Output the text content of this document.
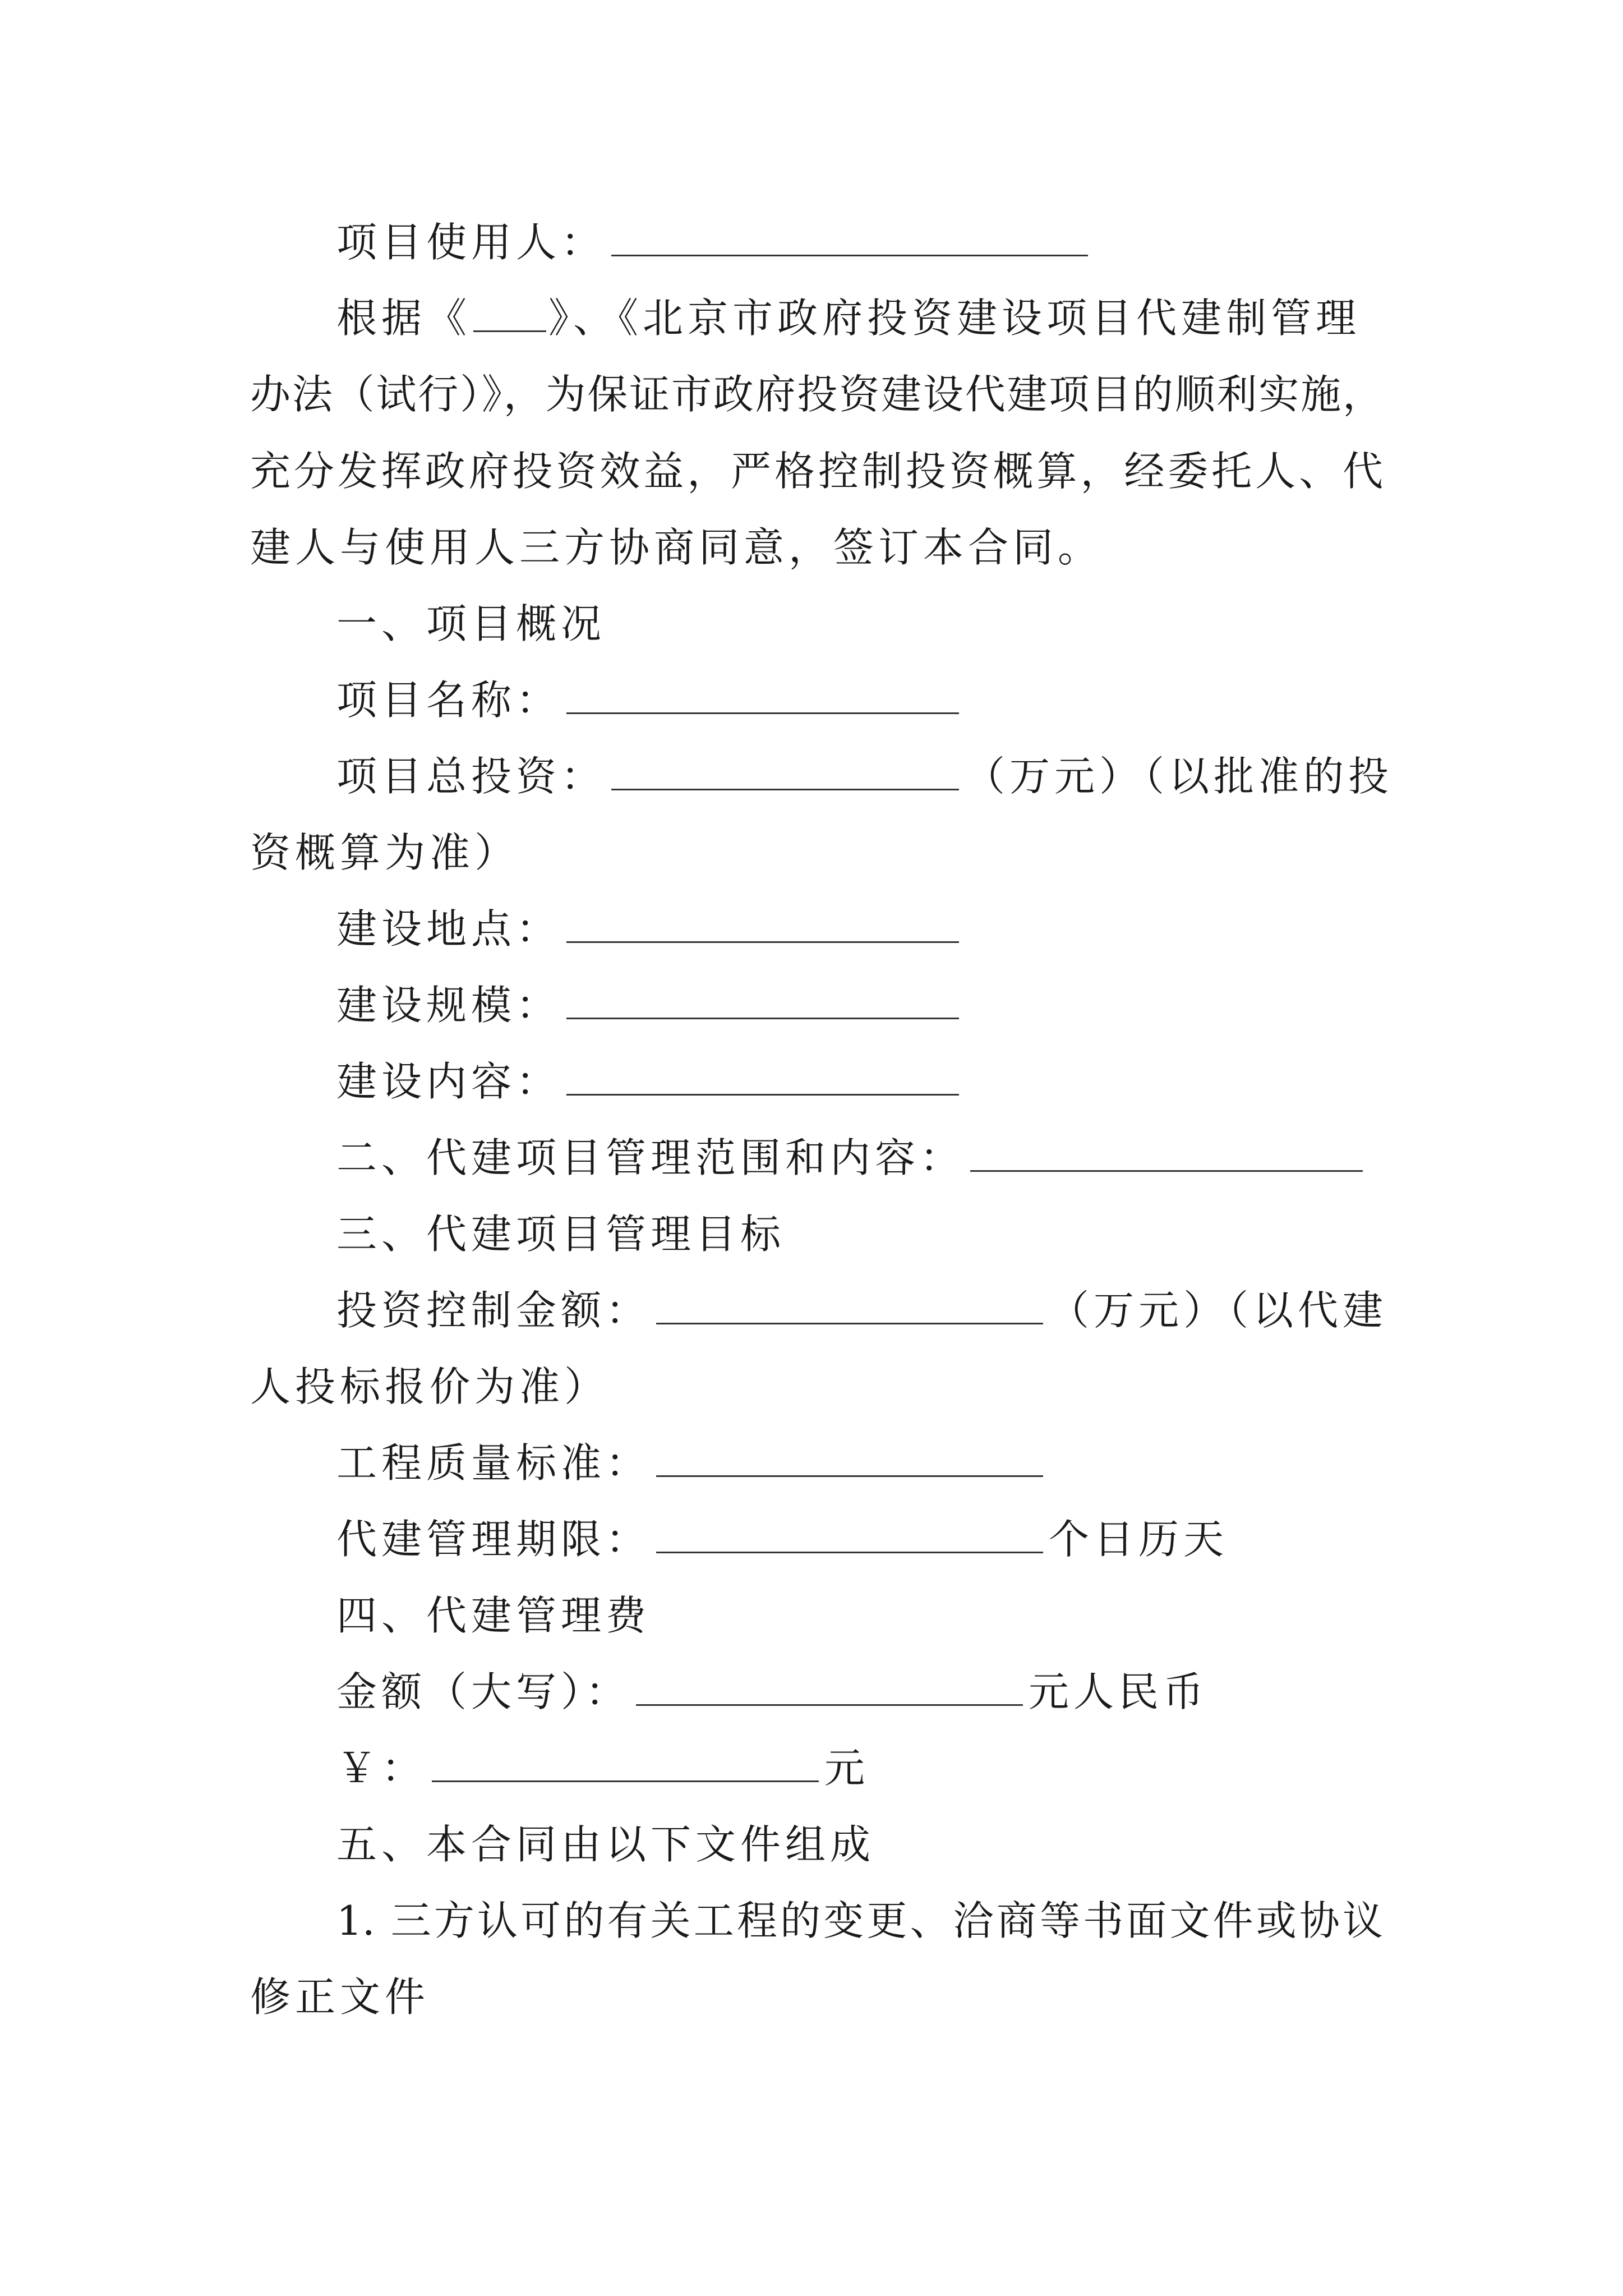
项目使用人：
根据《 》、《北京市政府投资建设项目代建制管理
办法（试行）》，为保证市政府投资建设代建项目的顺利实施，
充分发挥政府投资效益，严格控制投资概算，经委托人、代
建人与使用人三方协商同意，签订本合同。
一、项目概况
项目名称：
项目总投资：	（万元）（以批准的投
资概算为准）
建设地点：
建设规模：
建设内容：
二、代建项目管理范围和内容：
三、代建项目管理目标
投资控制金额：	（万元）（以代建
人投标报价为准）
工程质量标准：
代建管理期限：	个日历天
四、代建管理费
金额（大写）：	元人民币
￥：	元
五、本合同由以下文件组成
1. 三方认可的有关工程的变更、洽商等书面文件或协议
修正文件
